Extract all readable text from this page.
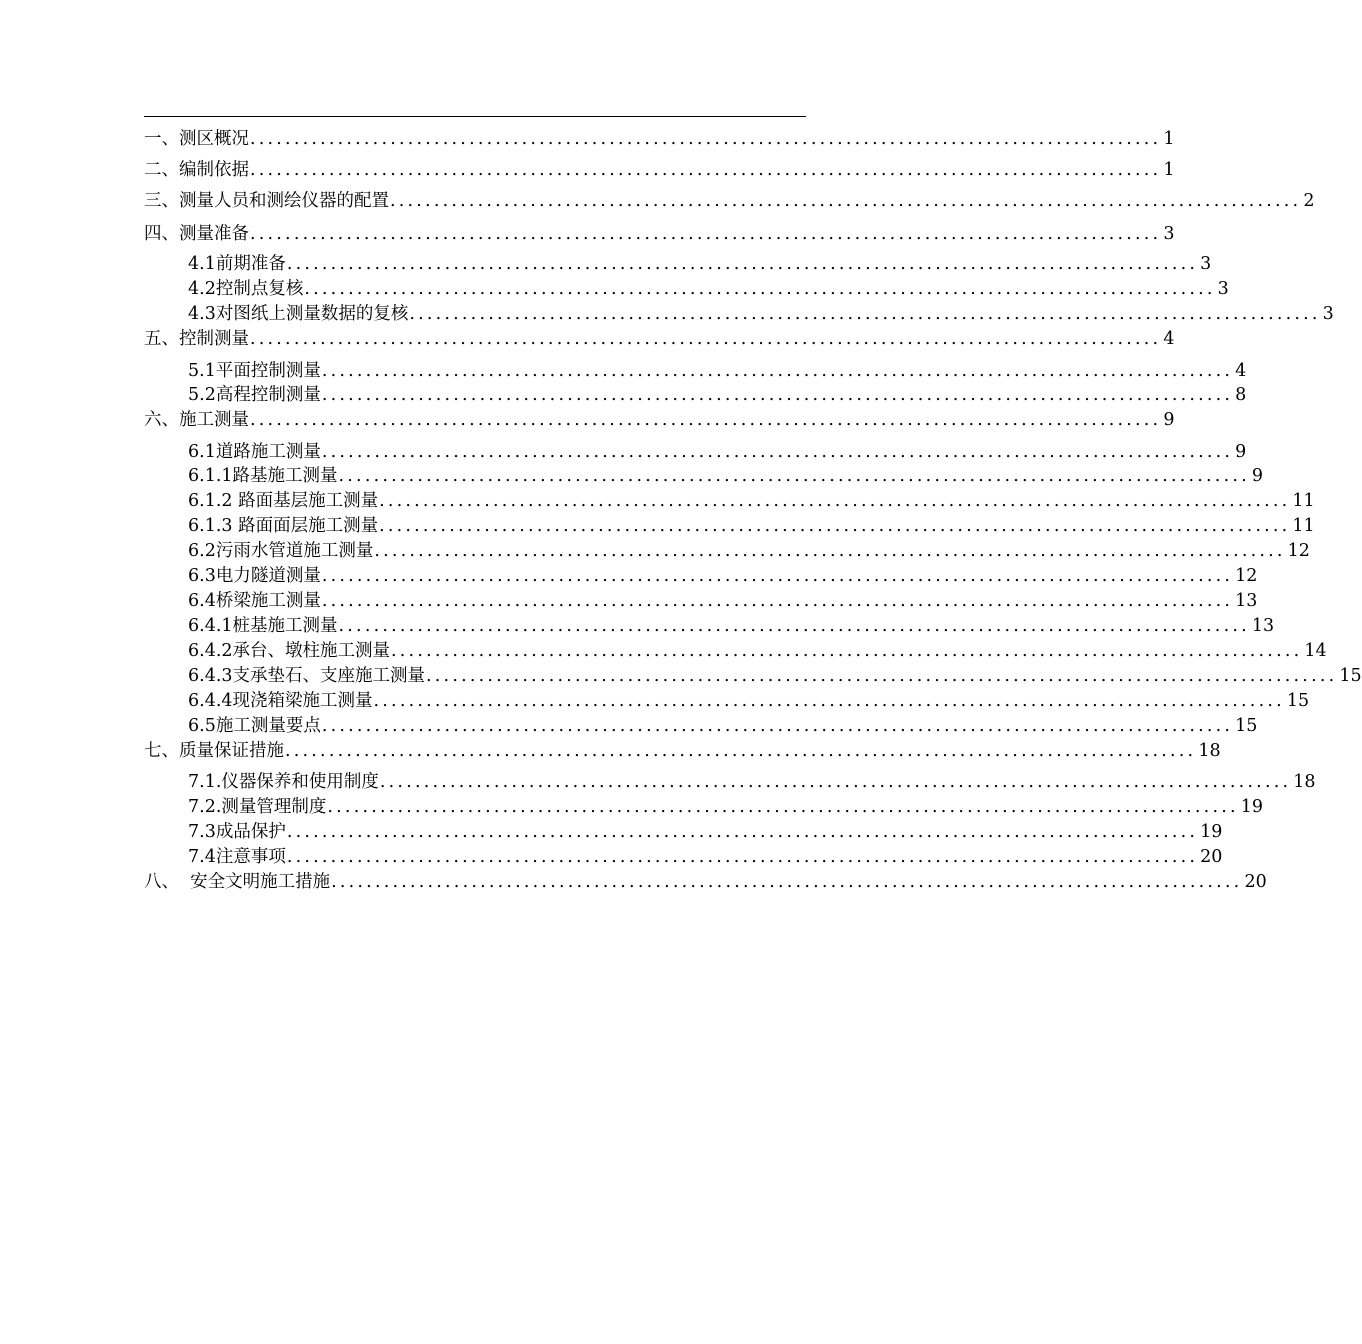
一、测区概况 ........................................................................................................ 1
二、编制依据 ........................................................................................................ 1
三、测量人员和测绘仪器的配置 ........................................................................................................ 2
四、测量准备 ........................................................................................................ 3
4.1前期准备 ........................................................................................................ 3
4.2控制点复核 ........................................................................................................ 3
4.3对图纸上测量数据的复核 ........................................................................................................ 3
五、控制测量 ........................................................................................................ 4
5.1平面控制测量 ........................................................................................................ 4
5.2高程控制测量 ........................................................................................................ 8
六、施工测量 ........................................................................................................ 9
6.1道路施工测量 ........................................................................................................ 9
6.1.1路基施工测量 ........................................................................................................ 9
6.1.2 路面基层施工测量 ........................................................................................................ 11
6.1.3 路面面层施工测量 ........................................................................................................ 11
6.2污雨水管道施工测量 ........................................................................................................ 12
6.3电力隧道测量 ........................................................................................................ 12
6.4桥梁施工测量 ........................................................................................................ 13
6.4.1桩基施工测量 ........................................................................................................ 13
6.4.2承台、墩柱施工测量 ........................................................................................................ 14
6.4.3支承垫石、支座施工测量 ........................................................................................................ 15
6.4.4现浇箱梁施工测量 ........................................................................................................ 15
6.5施工测量要点 ........................................................................................................ 15
七、质量保证措施 ........................................................................................................ 18
7.1.仪器保养和使用制度 ........................................................................................................ 18
7.2.测量管理制度 ........................................................................................................ 19
7.3成品保护 ........................................................................................................ 19
7.4注意事项 ........................................................................................................ 20
八、  安全文明施工措施 ........................................................................................................ 20
